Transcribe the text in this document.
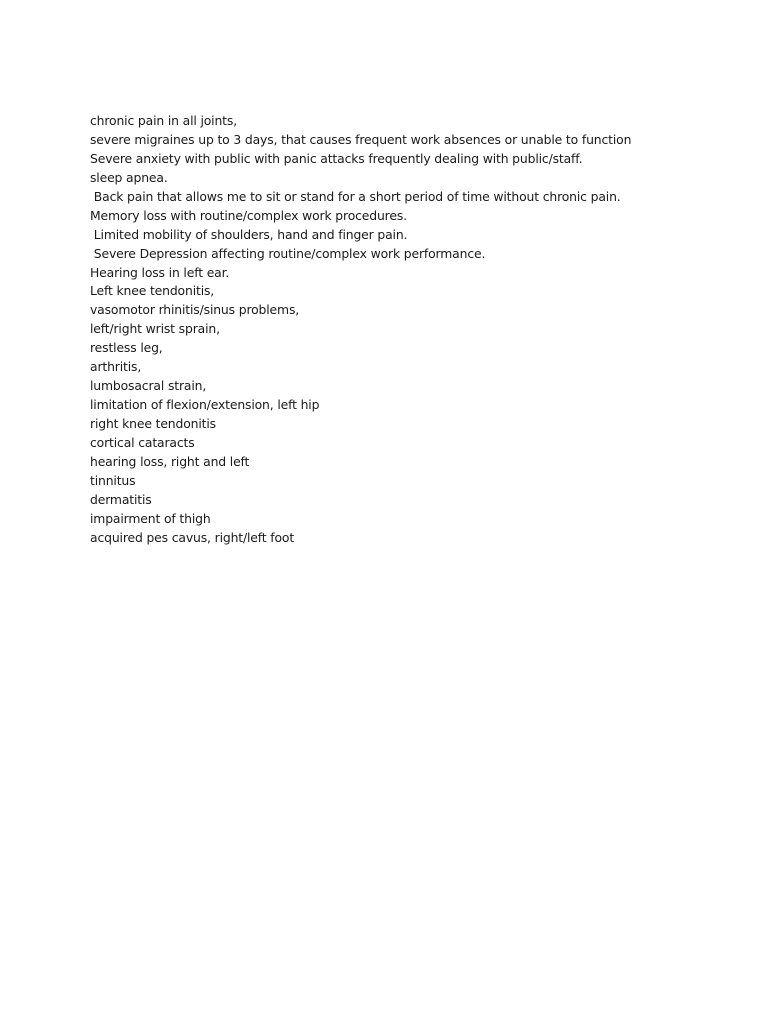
chronic pain in all joints,
severe migraines up to 3 days, that causes frequent work absences or unable to function
Severe anxiety with public with panic attacks frequently dealing with public/staff.
sleep apnea.
Back pain that allows me to sit or stand for a short period of time without chronic pain.
Memory loss with routine/complex work procedures.
Limited mobility of shoulders, hand and finger pain.
Severe Depression affecting routine/complex work performance.
Hearing loss in left ear.
Left knee tendonitis,
vasomotor rhinitis/sinus problems,
left/right wrist sprain,
restless leg,
arthritis,
lumbosacral strain,
limitation of flexion/extension, left hip
right knee tendonitis
cortical cataracts
hearing loss, right and left
tinnitus
dermatitis
impairment of thigh
acquired pes cavus, right/left foot
